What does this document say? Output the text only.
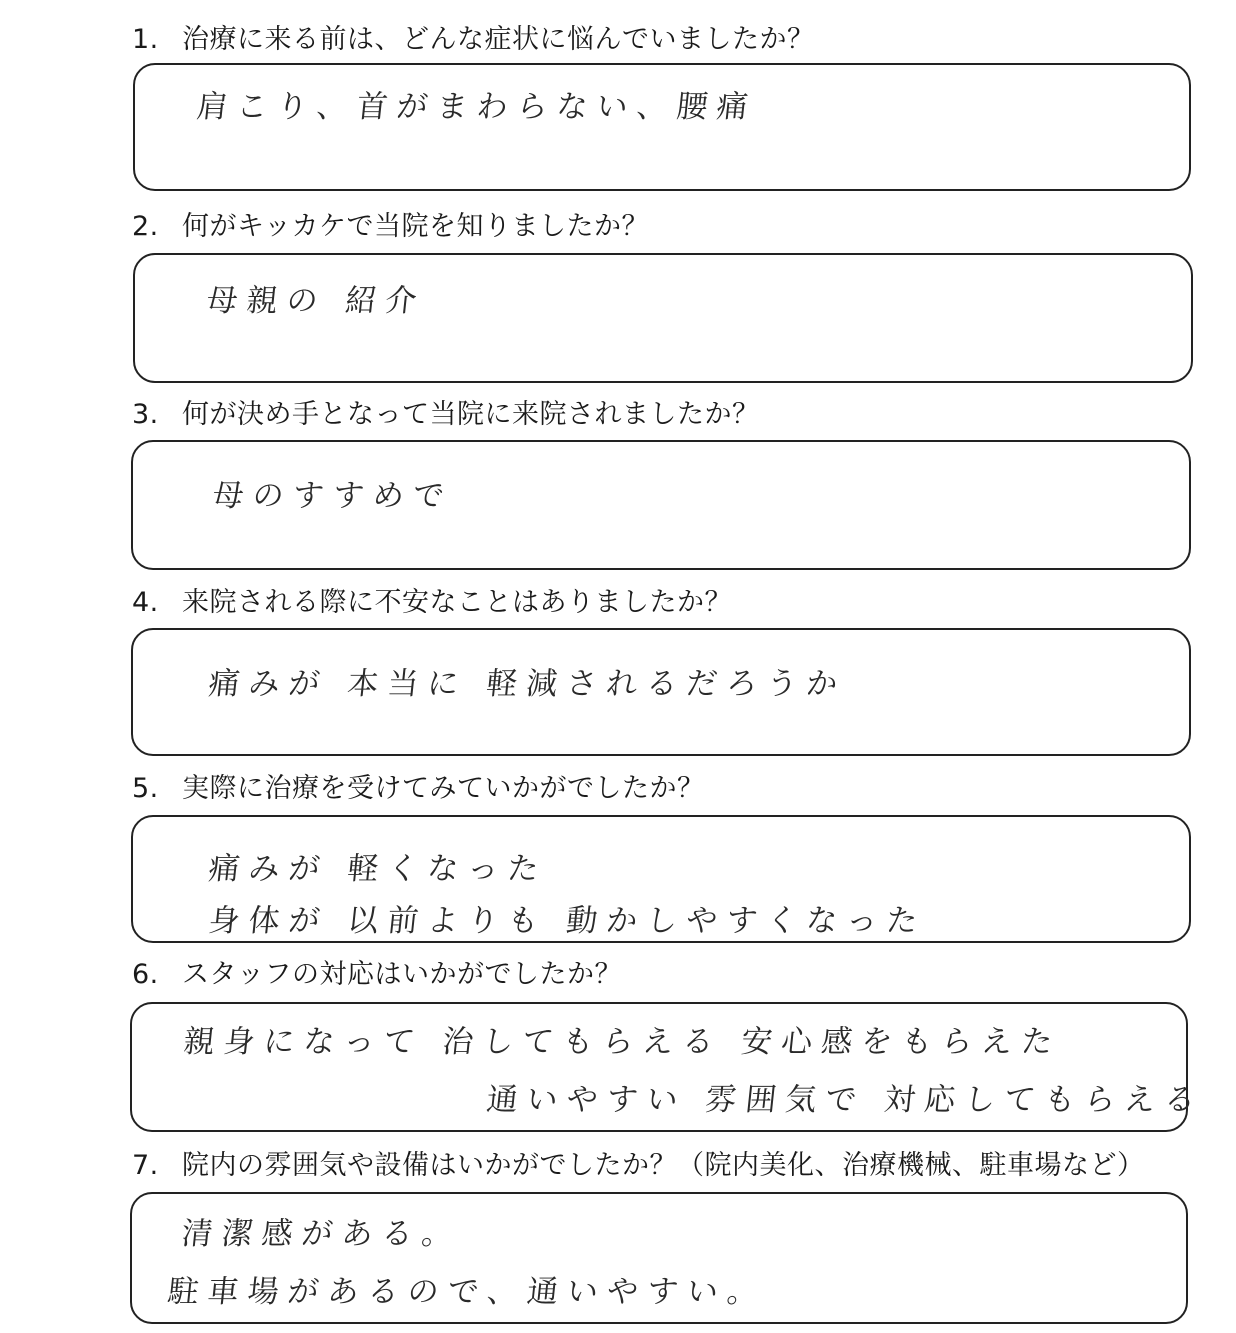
1. 治療に来る前は、どんな症状に悩んでいましたか？
肩こり、首がまわらない、腰痛
2. 何がキッカケで当院を知りましたか？
母親の 紹介
3. 何が決め手となって当院に来院されましたか？
母のすすめで
4. 来院される際に不安なことはありましたか？
痛みが 本当に 軽減されるだろうか
5. 実際に治療を受けてみていかがでしたか？
痛みが 軽くなった
身体が 以前よりも 動かしやすくなった
6. スタッフの対応はいかがでしたか？
親身になって 治してもらえる 安心感をもらえた
通いやすい 雰囲気で 対応してもらえる
7. 院内の雰囲気や設備はいかがでしたか？（院内美化、治療機械、駐車場など）
清潔感がある。
駐車場があるので、通いやすい。
